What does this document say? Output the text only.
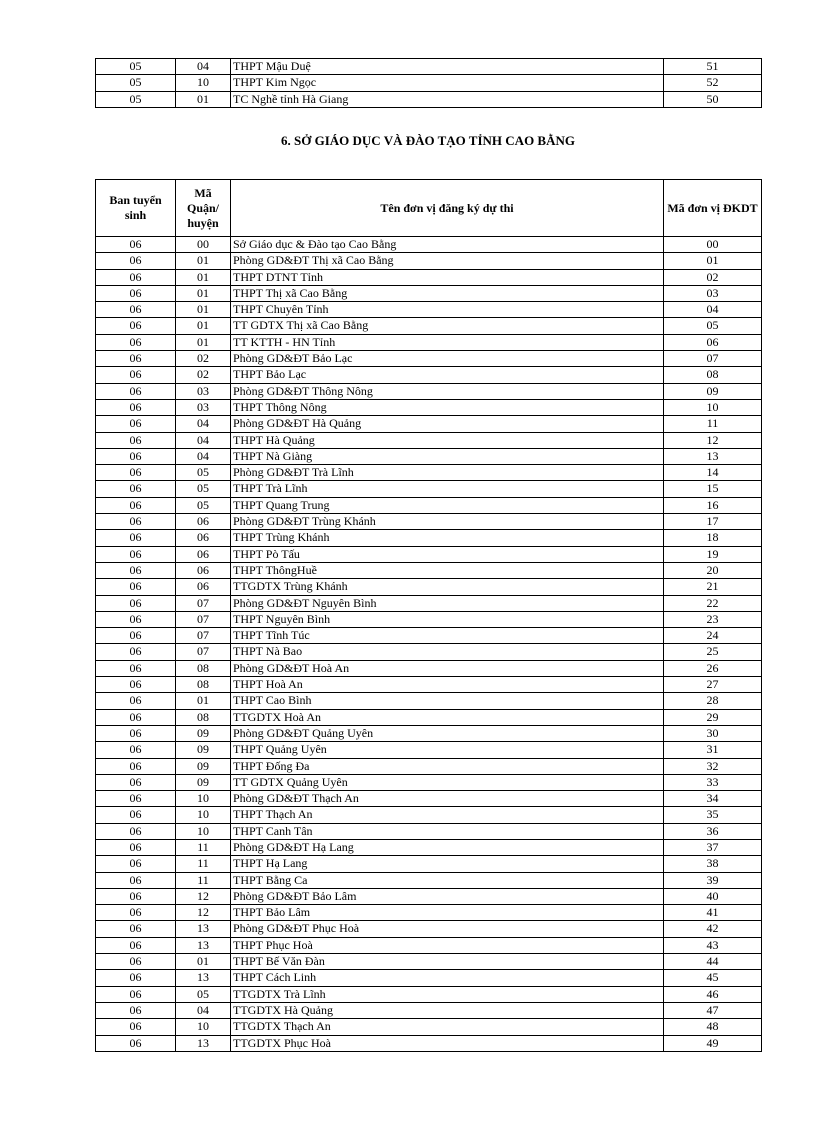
05	04	THPT Mậu Duệ	51
05	10	THPT Kim Ngọc	52
05	01	TC Nghề tỉnh Hà Giang	50
6. SỞ GIÁO DỤC VÀ ĐÀO TẠO TỈNH CAO BẰNG
Ban tuyển sinh	Mã Quận/ huyện	Tên đơn vị đăng ký dự thi	Mã đơn vị ĐKDT
06	00	Sở Giáo dục & Đào tạo Cao Bằng	00
06	01	Phòng GD&ĐT Thị xã Cao Bằng	01
06	01	THPT DTNT Tỉnh	02
06	01	THPT Thị xã Cao Bằng	03
06	01	THPT Chuyên Tỉnh	04
06	01	TT GDTX Thị xã Cao Bằng	05
06	01	TT KTTH - HN Tỉnh	06
06	02	Phòng GD&ĐT Bảo Lạc	07
06	02	THPT Bảo Lạc	08
06	03	Phòng GD&ĐT Thông Nông	09
06	03	THPT Thông Nông	10
06	04	Phòng GD&ĐT Hà Quảng	11
06	04	THPT Hà Quảng	12
06	04	THPT Nà Giàng	13
06	05	Phòng GD&ĐT Trà Lĩnh	14
06	05	THPT Trà Lĩnh	15
06	05	THPT Quang Trung	16
06	06	Phòng GD&ĐT Trùng Khánh	17
06	06	THPT Trùng Khánh	18
06	06	THPT Pò Tấu	19
06	06	THPT ThôngHuề	20
06	06	TTGDTX Trùng Khánh	21
06	07	Phòng GD&ĐT Nguyên Bình	22
06	07	THPT Nguyên Bình	23
06	07	THPT Tĩnh Túc	24
06	07	THPT Nà Bao	25
06	08	Phòng GD&ĐT Hoà An	26
06	08	THPT Hoà An	27
06	01	THPT Cao Bình	28
06	08	TTGDTX Hoà An	29
06	09	Phòng GD&ĐT Quảng Uyên	30
06	09	THPT Quảng Uyên	31
06	09	THPT Đống Đa	32
06	09	TT GDTX Quảng Uyên	33
06	10	Phòng GD&ĐT Thạch An	34
06	10	THPT Thạch An	35
06	10	THPT Canh Tân	36
06	11	Phòng GD&ĐT Hạ Lang	37
06	11	THPT Hạ Lang	38
06	11	THPT Bằng Ca	39
06	12	Phòng GD&ĐT Bảo Lâm	40
06	12	THPT Bảo Lâm	41
06	13	Phòng GD&ĐT Phục Hoà	42
06	13	THPT Phục Hoà	43
06	01	THPT Bế Văn Đàn	44
06	13	THPT Cách Linh	45
06	05	TTGDTX Trà Lĩnh	46
06	04	TTGDTX Hà Quảng	47
06	10	TTGDTX Thạch An	48
06	13	TTGDTX Phục Hoà	49
